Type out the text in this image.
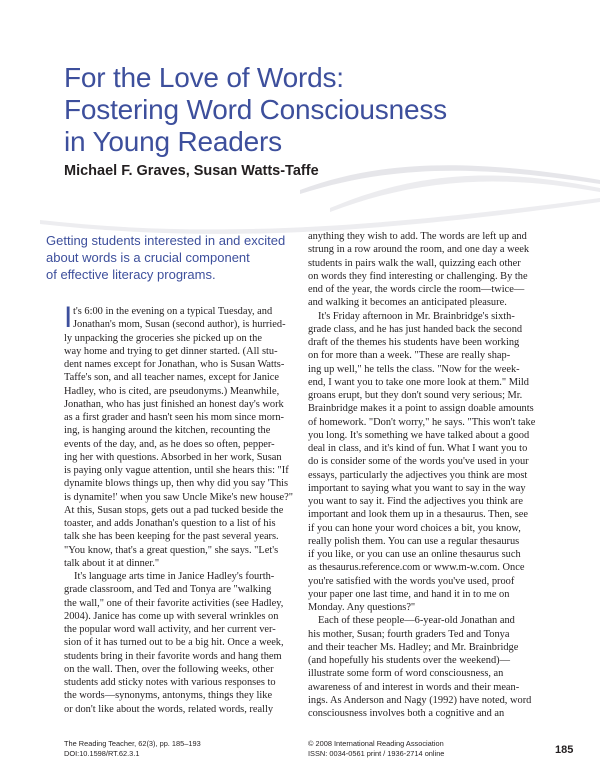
For the Love of Words:
Fostering Word Consciousness
in Young Readers
Michael F. Graves, Susan Watts-Taffe
Getting students interested in and excited
about words is a crucial component
of effective literacy programs.
I t's 6:00 in the evening on a typical Tuesday, and
Jonathan's mom, Susan (second author), is hurried-
ly unpacking the groceries she picked up on the
way home and trying to get dinner started. (All stu-
dent names except for Jonathan, who is Susan Watts-
Taffe's son, and all teacher names, except for Janice
Hadley, who is cited, are pseudonyms.) Meanwhile,
Jonathan, who has just finished an honest day's work
as a first grader and hasn't seen his mom since morn-
ing, is hanging around the kitchen, recounting the
events of the day, and, as he does so often, pepper-
ing her with questions. Absorbed in her work, Susan
is paying only vague attention, until she hears this: "If
dynamite blows things up, then why did you say 'This
is dynamite!' when you saw Uncle Mike's new house?"
At this, Susan stops, gets out a pad tucked beside the
toaster, and adds Jonathan's question to a list of his
talk she has been keeping for the past several years.
"You know, that's a great question," she says. "Let's
talk about it at dinner."
It's language arts time in Janice Hadley's fourth-
grade classroom, and Ted and Tonya are "walking
the wall," one of their favorite activities (see Hadley,
2004). Janice has come up with several wrinkles on
the popular word wall activity, and her current ver-
sion of it has turned out to be a big hit. Once a week,
students bring in their favorite words and hang them
on the wall. Then, over the following weeks, other
students add sticky notes with various responses to
the words—synonyms, antonyms, things they like
or don't like about the words, related words, really
anything they wish to add. The words are left up and
strung in a row around the room, and one day a week
students in pairs walk the wall, quizzing each other
on words they find interesting or challenging. By the
end of the year, the words circle the room—twice—
and walking it becomes an anticipated pleasure.
It's Friday afternoon in Mr. Brainbridge's sixth-
grade class, and he has just handed back the second
draft of the themes his students have been working
on for more than a week. "These are really shap-
ing up well," he tells the class. "Now for the week-
end, I want you to take one more look at them." Mild
groans erupt, but they don't sound very serious; Mr.
Brainbridge makes it a point to assign doable amounts
of homework. "Don't worry," he says. "This won't take
you long. It's something we have talked about a good
deal in class, and it's kind of fun. What I want you to
do is consider some of the words you've used in your
essays, particularly the adjectives you think are most
important to saying what you want to say in the way
you want to say it. Find the adjectives you think are
important and look them up in a thesaurus. Then, see
if you can hone your word choices a bit, you know,
really polish them. You can use a regular thesaurus
if you like, or you can use an online thesaurus such
as thesaurus.reference.com or www.m-w.com. Once
you're satisfied with the words you've used, proof
your paper one last time, and hand it in to me on
Monday. Any questions?"
Each of these people—6-year-old Jonathan and
his mother, Susan; fourth graders Ted and Tonya
and their teacher Ms. Hadley; and Mr. Brainbridge
(and hopefully his students over the weekend)—
illustrate some form of word consciousness, an
awareness of and interest in words and their mean-
ings. As Anderson and Nagy (1992) have noted, word
consciousness involves both a cognitive and an
The Reading Teacher, 62(3), pp. 185–193
DOI:10.1598/RT.62.3.1
© 2008 International Reading Association
ISSN: 0034-0561 print / 1936-2714 online	185
